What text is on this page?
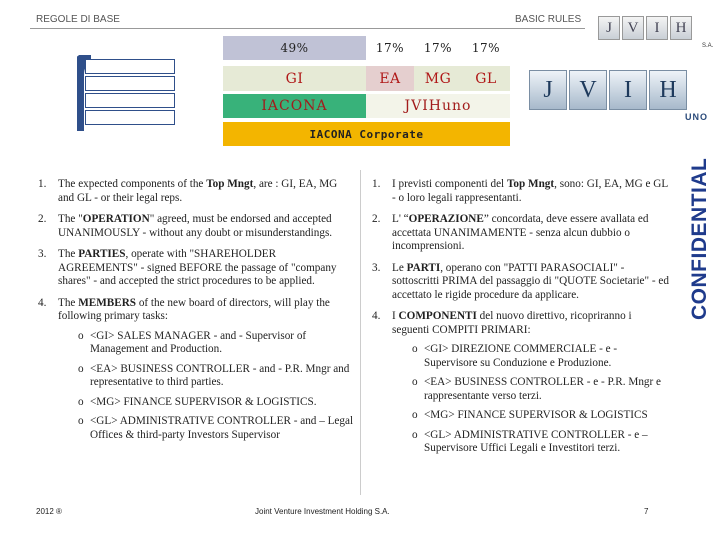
REGOLE DI BASE	BASIC RULES
J	V	I	H
S.A.
J	V	I	H
UNO
CONFIDENTIAL
49%	17%	17%	17%
GI	EA	MG	GL
IACONA	JVIHuno
IACONA Corporate
1. The expected components of the Top Mngt, are : GI, EA, MG and GL - or their legal reps.
2. The "OPERATION" agreed, must be endorsed and accepted UNANIMOUSLY - without any doubt or misunderstandings.
3. The PARTIES, operate with "SHAREHOLDER AGREEMENTS" - signed BEFORE the passage of "company shares" - and accepted the strict procedures to be applied.
4. The MEMBERS of the new board of directors, will play the following primary tasks:
o <GI> SALES MANAGER - and - Supervisor of Management and Production.
o <EA> BUSINESS CONTROLLER - and - P.R. Mngr and representative to third parties.
o <MG> FINANCE SUPERVISOR & LOGISTICS.
o <GL> ADMINISTRATIVE CONTROLLER - and – Legal Offices & third-party Investors Supervisor
1. I previsti componenti del Top Mngt, sono: GI, EA, MG e GL - o loro legali rappresentanti.
2. L' “OPERAZIONE” concordata, deve essere avallata ed accettata UNANIMAMENTE - senza alcun dubbio o incomprensioni.
3. Le PARTI, operano con "PATTI PARASOCIALI" - sottoscritti PRIMA del passaggio di "QUOTE Societarie" - ed accettato le rigide procedure da applicare.
4. I COMPONENTI del nuovo direttivo, ricopriranno i seguenti COMPITI PRIMARI:
o <GI> DIREZIONE COMMERCIALE - e - Supervisore su Conduzione e Produzione.
o <EA> BUSINESS CONTROLLER - e - P.R. Mngr e rappresentante verso terzi.
o <MG> FINANCE SUPERVISOR & LOGISTICS
o <GL> ADMINISTRATIVE CONTROLLER - e – Supervisore Uffici Legali e Investitori terzi.
2012 ®	Joint Venture Investment Holding S.A.	7
